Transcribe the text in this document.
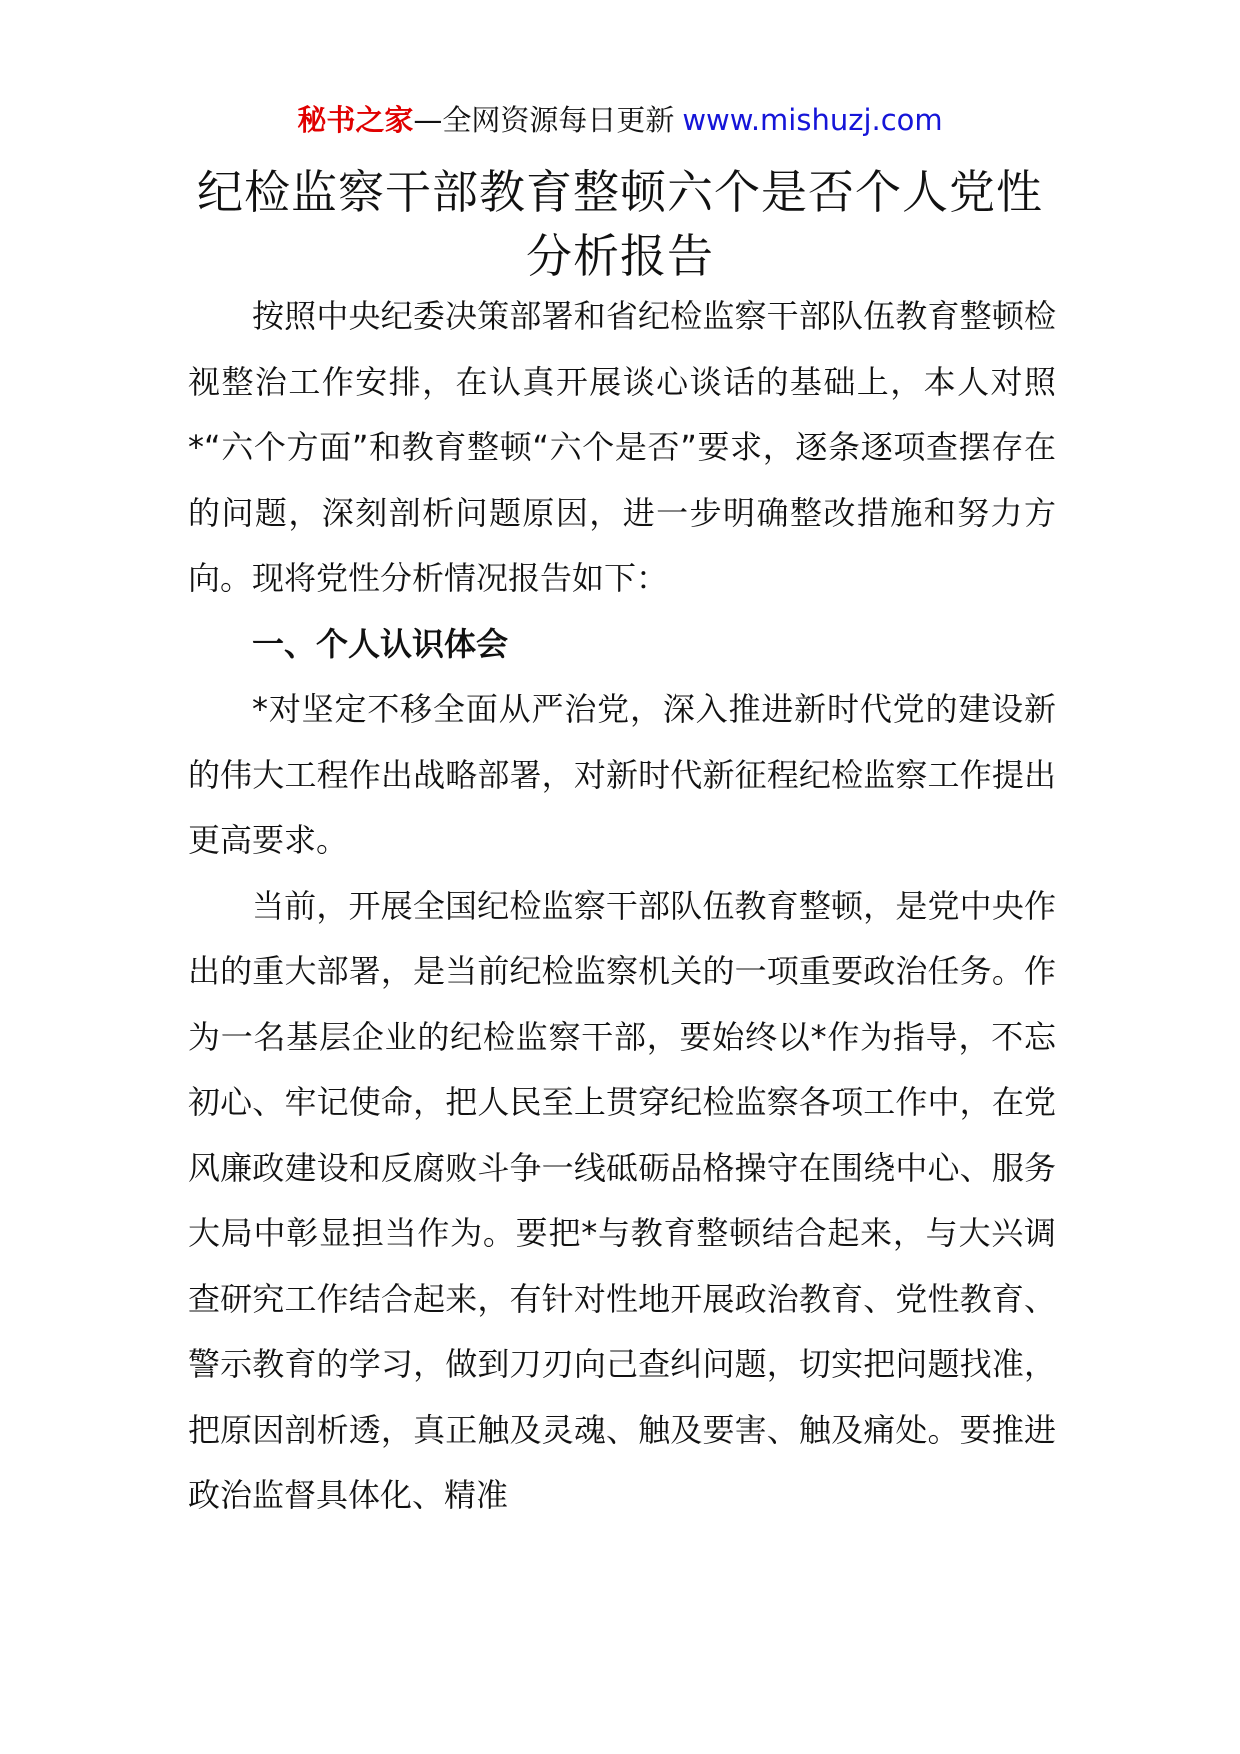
秘书之家—全网资源每日更新 www.mishuzj.com
纪检监察干部教育整顿六个是否个人党性
分析报告

按照中央纪委决策部署和省纪检监察干部队伍教育整顿检视整治工作安排，在认真开展谈心谈话的基础上，本人对照*“六个方面”和教育整顿“六个是否”要求，逐条逐项查摆存在的问题，深刻剖析问题原因，进一步明确整改措施和努力方向。现将党性分析情况报告如下：

一、个人认识体会

*对坚定不移全面从严治党，深入推进新时代党的建设新的伟大工程作出战略部署，对新时代新征程纪检监察工作提出更高要求。

当前，开展全国纪检监察干部队伍教育整顿，是党中央作出的重大部署，是当前纪检监察机关的一项重要政治任务。作为一名基层企业的纪检监察干部，要始终以*作为指导，不忘初心、牢记使命，把人民至上贯穿纪检监察各项工作中，在党风廉政建设和反腐败斗争一线砥砺品格操守在围绕中心、服务大局中彰显担当作为。要把*与教育整顿结合起来，与大兴调查研究工作结合起来，有针对性地开展政治教育、党性教育、警示教育的学习，做到刀刃向己查纠问题，切实把问题找准，把原因剖析透，真正触及灵魂、触及要害、触及痛处。要推进政治监督具体化、精准
